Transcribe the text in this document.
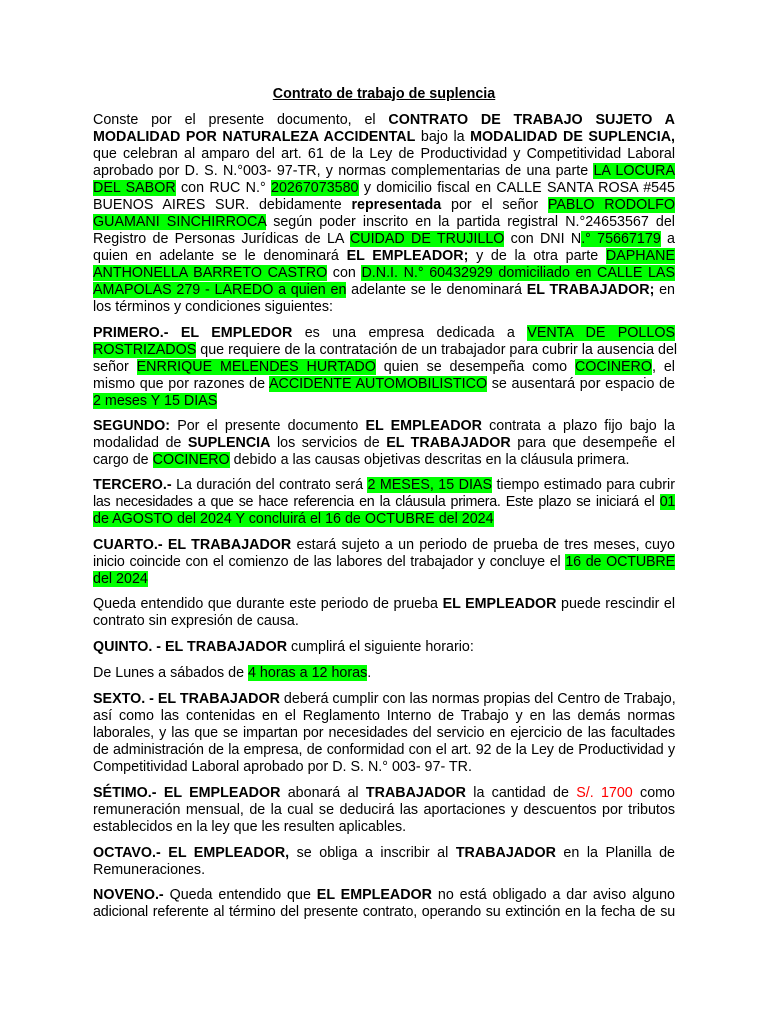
Contrato de trabajo de suplencia

Conste por el presente documento, el CONTRATO DE TRABAJO SUJETO A

MODALIDAD POR NATURALEZA ACCIDENTAL bajo la MODALIDAD DE SUPLENCIA,

que celebran al amparo del art. 61 de la Ley de Productividad y Competitividad Laboral

aprobado por D. S. N.°003- 97-TR, y normas complementarias de una parte LA LOCURA

DEL SABOR con RUC N.° 20267073580 y domicilio fiscal en CALLE SANTA ROSA #545

BUENOS AIRES SUR. debidamente representada por el señor PABLO RODOLFO

GUAMANI SINCHIRROCA según poder inscrito en la partida registral N.°24653567 del

Registro de Personas Jurídicas de LA CUIDAD DE TRUJILLO con DNI N.° 75667179 a

quien en adelante se le denominará EL EMPLEADOR; y de la otra parte DAPHANE

ANTHONELLA BARRETO CASTRO con D.N.I. N.° 60432929 domiciliado en CALLE LAS

AMAPOLAS 279 - LAREDO a quien en adelante se le denominará EL TRABAJADOR; en

los términos y condiciones siguientes:

PRIMERO.- EL EMPLEDOR es una empresa dedicada a VENTA DE POLLOS

ROSTRIZADOS que requiere de la contratación de un trabajador para cubrir la ausencia del

señor ENRRIQUE MELENDES HURTADO quien se desempeña como COCINERO, el

mismo que por razones de ACCIDENTE AUTOMOBILISTICO se ausentará por espacio de

2 meses Y 15 DIAS

SEGUNDO: Por el presente documento EL EMPLEADOR contrata a plazo fijo bajo la

modalidad de SUPLENCIA los servicios de EL TRABAJADOR para que desempeñe el

cargo de COCINERO debido a las causas objetivas descritas en la cláusula primera.

TERCERO.- La duración del contrato será 2 MESES, 15 DIAS tiempo estimado para cubrir

las necesidades a que se hace referencia en la cláusula primera. Este plazo se iniciará el 01

de AGOSTO del 2024 Y concluirá el 16 de OCTUBRE del 2024

CUARTO.- EL TRABAJADOR estará sujeto a un periodo de prueba de tres meses, cuyo

inicio coincide con el comienzo de las labores del trabajador y concluye el 16 de OCTUBRE

del 2024

Queda entendido que durante este periodo de prueba EL EMPLEADOR puede rescindir el

contrato sin expresión de causa.

QUINTO. - EL TRABAJADOR cumplirá el siguiente horario:

De Lunes a sábados de 4 horas a 12 horas.

SEXTO. - EL TRABAJADOR deberá cumplir con las normas propias del Centro de Trabajo,

así como las contenidas en el Reglamento Interno de Trabajo y en las demás normas

laborales, y las que se impartan por necesidades del servicio en ejercicio de las facultades

de administración de la empresa, de conformidad con el art. 92 de la Ley de Productividad y

Competitividad Laboral aprobado por D. S. N.° 003- 97- TR.

SÉTIMO.- EL EMPLEADOR abonará al TRABAJADOR la cantidad de S/. 1700 como

remuneración mensual, de la cual se deducirá las aportaciones y descuentos por tributos

establecidos en la ley que les resulten aplicables.

OCTAVO.- EL EMPLEADOR, se obliga a inscribir al TRABAJADOR en la Planilla de

Remuneraciones.

NOVENO.- Queda entendido que EL EMPLEADOR no está obligado a dar aviso alguno

adicional referente al término del presente contrato, operando su extinción en la fecha de su
